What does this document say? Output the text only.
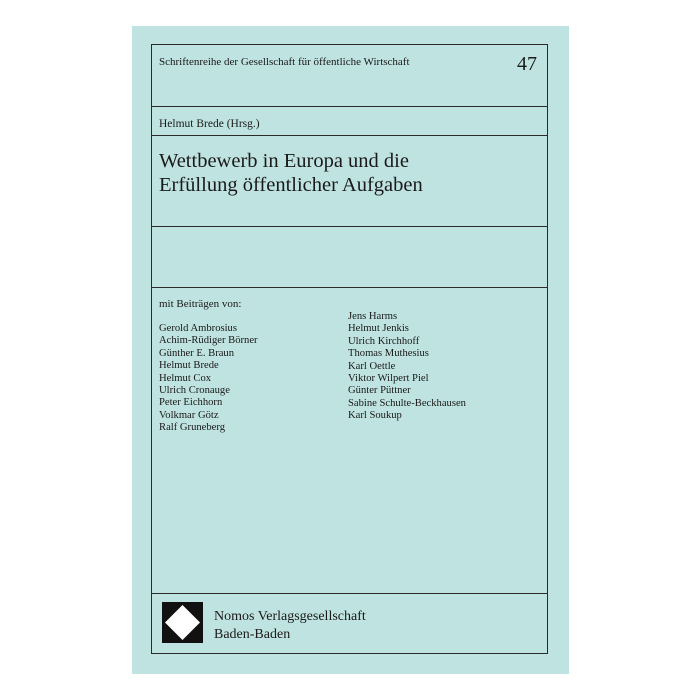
Schriftenreihe der Gesellschaft für öffentliche Wirtschaft	47
Helmut Brede (Hrsg.)
Wettbewerb in Europa und die
Erfüllung öffentlicher Aufgaben
mit Beiträgen von:
Gerold Ambrosius
Achim-Rüdiger Börner
Günther E. Braun
Helmut Brede
Helmut Cox
Ulrich Cronauge
Peter Eichhorn
Volkmar Götz
Ralf Gruneberg
Jens Harms
Helmut Jenkis
Ulrich Kirchhoff
Thomas Muthesius
Karl Oettle
Viktor Wilpert Piel
Günter Püttner
Sabine Schulte-Beckhausen
Karl Soukup
Nomos Verlagsgesellschaft
Baden-Baden
